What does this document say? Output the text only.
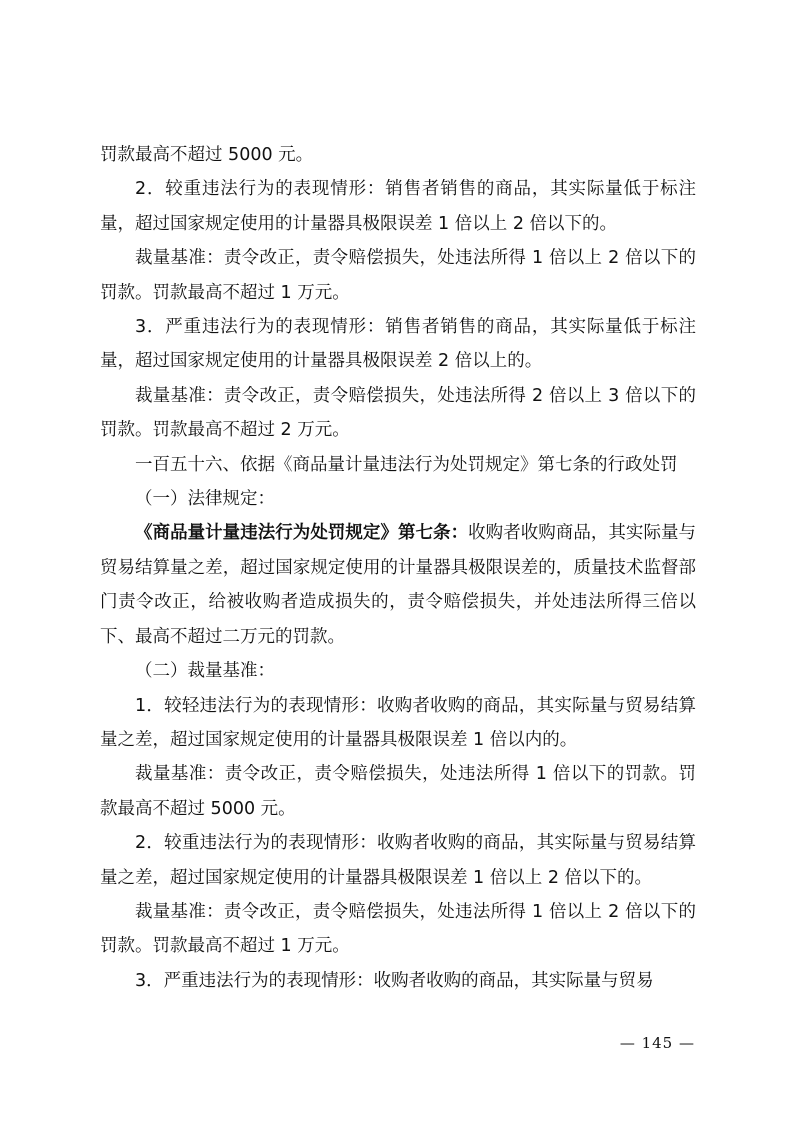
罚款最高不超过 5000 元。

2．较重违法行为的表现情形：销售者销售的商品，其实际量低于标注量，超过国家规定使用的计量器具极限误差 1 倍以上 2 倍以下的。

裁量基准：责令改正，责令赔偿损失，处违法所得 1 倍以上 2 倍以下的罚款。罚款最高不超过 1 万元。

3．严重违法行为的表现情形：销售者销售的商品，其实际量低于标注量，超过国家规定使用的计量器具极限误差 2 倍以上的。

裁量基准：责令改正，责令赔偿损失，处违法所得 2 倍以上 3 倍以下的罚款。罚款最高不超过 2 万元。

一百五十六、依据《商品量计量违法行为处罚规定》第七条的行政处罚

（一）法律规定：

《商品量计量违法行为处罚规定》第七条：收购者收购商品，其实际量与贸易结算量之差，超过国家规定使用的计量器具极限误差的，质量技术监督部门责令改正，给被收购者造成损失的，责令赔偿损失，并处违法所得三倍以下、最高不超过二万元的罚款。

（二）裁量基准：

1．较轻违法行为的表现情形：收购者收购的商品，其实际量与贸易结算量之差，超过国家规定使用的计量器具极限误差 1 倍以内的。

裁量基准：责令改正，责令赔偿损失，处违法所得 1 倍以下的罚款。罚款最高不超过 5000 元。

2．较重违法行为的表现情形：收购者收购的商品，其实际量与贸易结算量之差，超过国家规定使用的计量器具极限误差 1 倍以上 2 倍以下的。

裁量基准：责令改正，责令赔偿损失，处违法所得 1 倍以上 2 倍以下的罚款。罚款最高不超过 1 万元。

3．严重违法行为的表现情形：收购者收购的商品，其实际量与贸易

— 145 —
